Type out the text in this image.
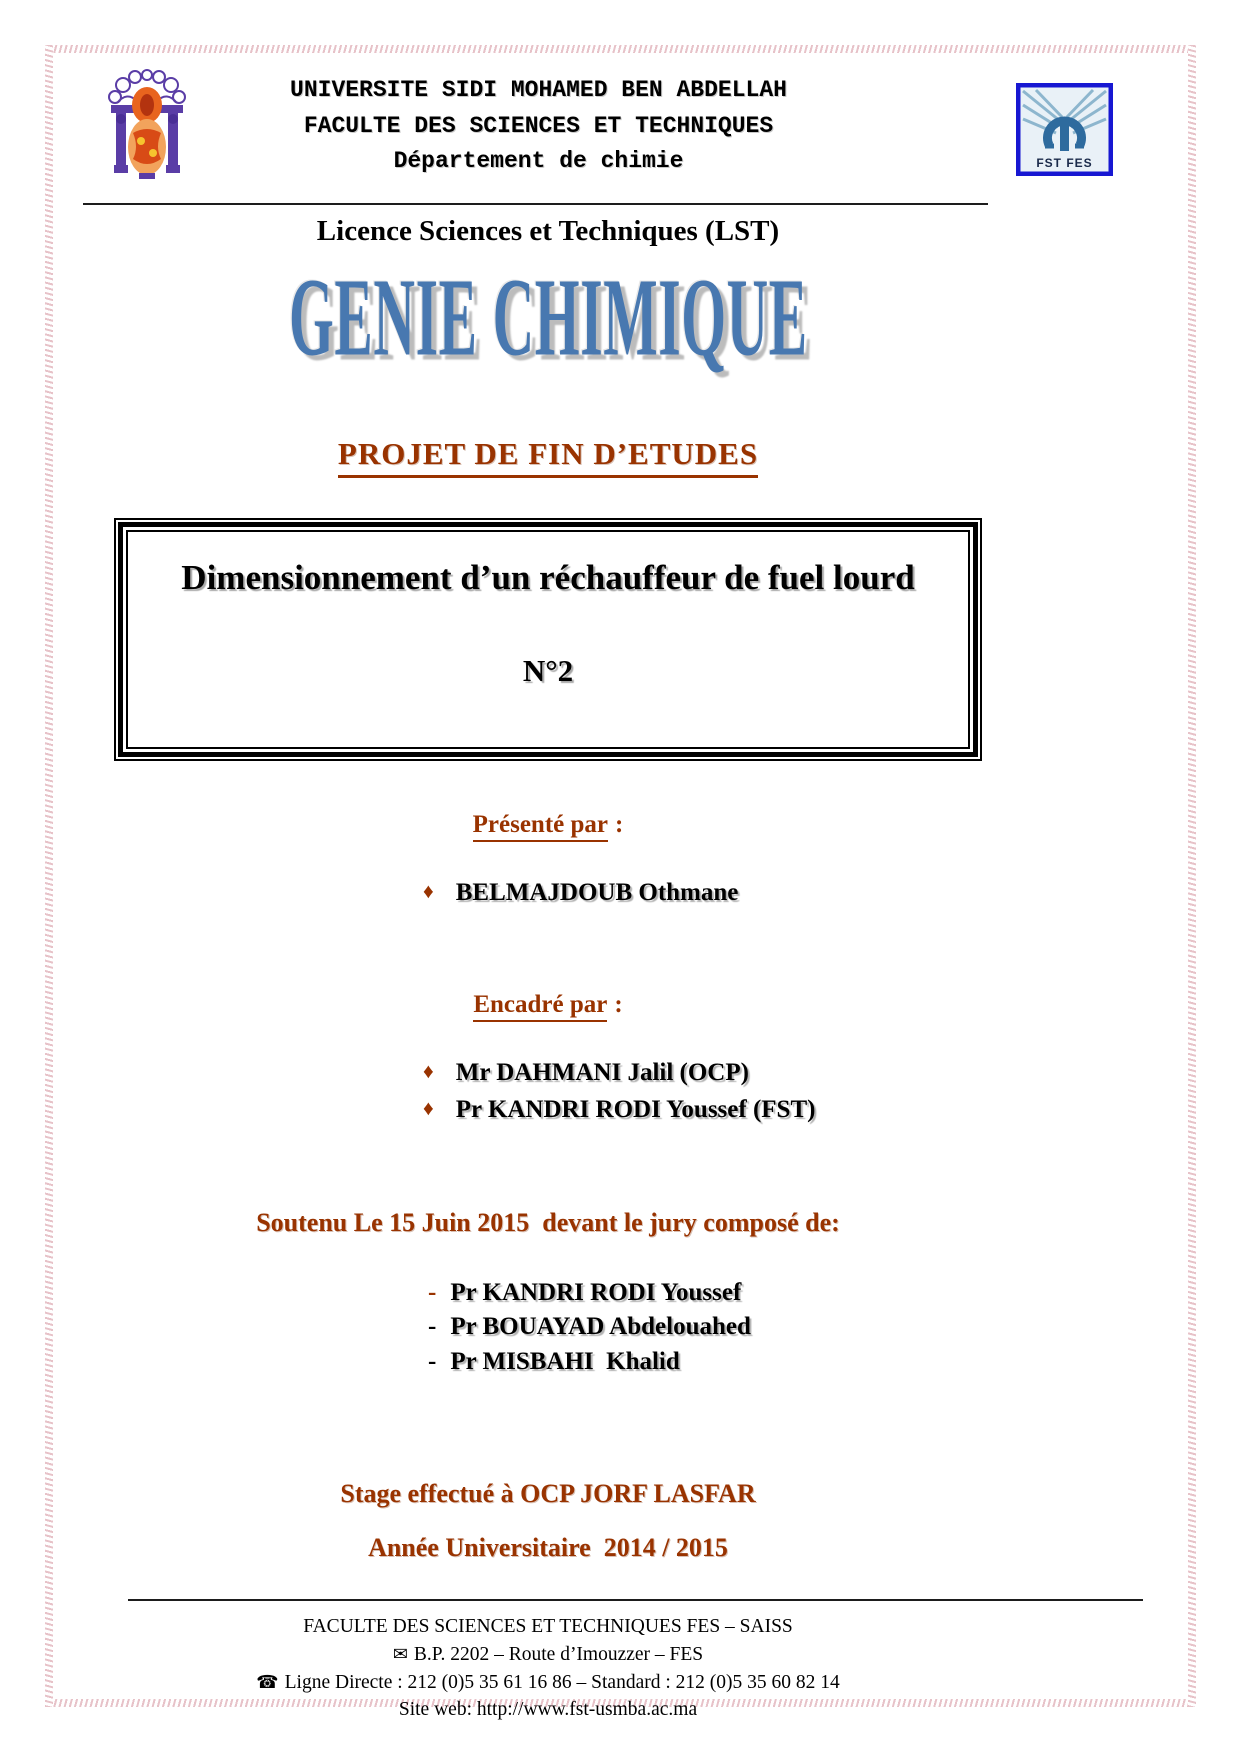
UNIVERSITE SIDI MOHAMED BEN ABDELLAH
FACULTE DES SCIENCES ET TECHNIQUES
Département de chimie	FST FES
Licence Sciences et Techniques (LST)
GENIE CHIMIQUE
PROJET DE FIN D’ETUDES
Dimensionnement d’un réchauffeur de fuel lourd
N°2
Présenté par :
♦ BELMAJDOUB Othmane
Encadré par :
♦ Mr DAHMANI Jalil (OCP)
♦ Pr KANDRI RODI Youssef (FST)
Soutenu Le 15 Juin 2015  devant le jury composé de:
- Pr KANDRI RODI Youssef
- Pr BOUAYAD Abdelouahed
- Pr MISBAHI  Khalid
Stage effectué à OCP JORF LASFAR
Année Universitaire  2014 / 2015
FACULTE DES SCIENCES ET TECHNIQUES FES – SAISS
✉ B.P. 2202 – Route d’Imouzzer – FES
☎ Ligne Directe : 212 (0)5 35 61 16 86 – Standard : 212 (0)5 35 60 82 14
Site web: http://www.fst-usmba.ac.ma
